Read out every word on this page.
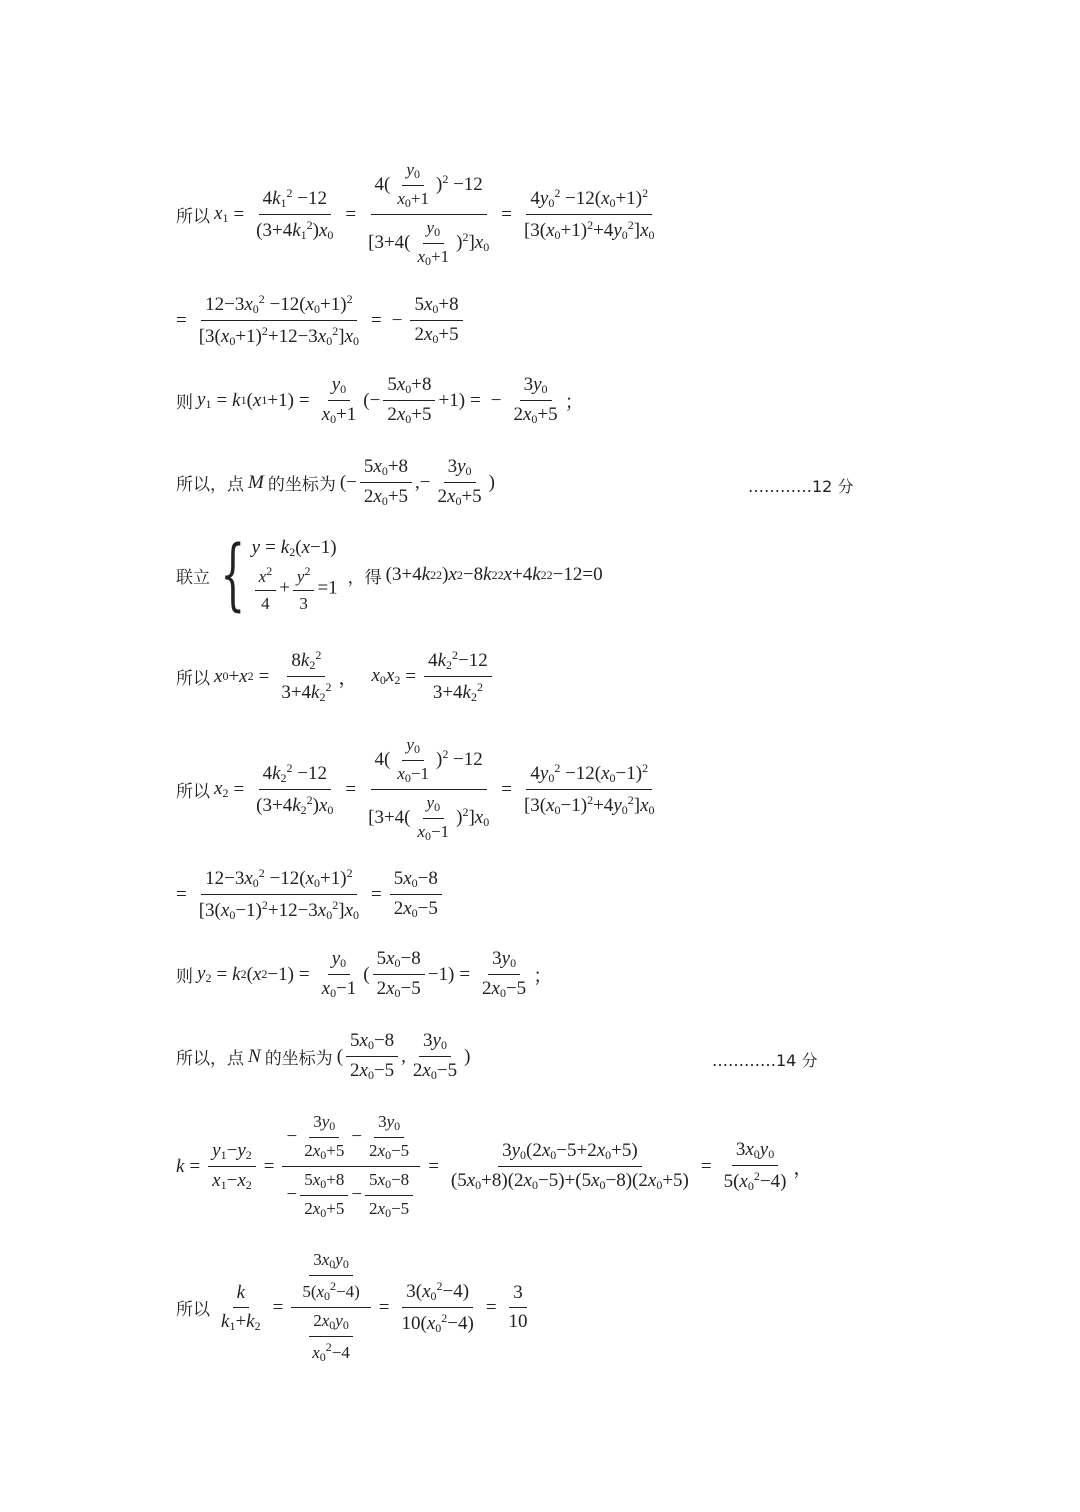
所以 $x_1 = \frac{4k_1^2 -12}{(3+4k_1^2)x_0} = \frac{4( \frac{y_0}{x_0+1} )^2 -12}{[3+4( \frac{y_0}{x_0+1} )^2]x_0} = \frac{4y_0^2 -12(x_0+1)^2}{[3(x_0+1)^2+4y_0^2]x_0}$
= $\frac{12-3x_0^2 -12(x_0+1)^2}{[3(x_0+1)^2+12-3x_0^2]x_0}$ = − $\frac{5x_0+8}{2x_0+5}$
则 $y_1 = k$ 1 ( x $1 +1) = \frac{y_0}{x_0+1}$ (− $\frac{5x_0+8}{2x_0+5} +1$) = − $\frac{3y_0}{2x_0+5}$ ；
所以，点 M 的坐标为 (− $\frac{5x_0+8}{2x_0+5}$ ,− $\frac{3y_0}{2x_0+5}$ )	…………12 分
联立 { $y = k_2(x-1)$
$\frac{x^2}{4} + \frac{y^2}{3} =1$ ，得 (3+4 k 2 2 ) x 2 −8 k 2 2 x +4 k 2 2 −12=0
所以 x 0 + x $2 = \frac{8k_2^2}{3+4k_2^2}$ ， $x_0x_2 = \frac{4k_2^2-12}{3+4k_2^2}$
所以 $x_2 = \frac{4k_2^2 -12}{(3+4k_2^2)x_0} = \frac{4( \frac{y_0}{x_0-1} )^2 -12}{[3+4( \frac{y_0}{x_0-1} )^2]x_0} = \frac{4y_0^2 -12(x_0-1)^2}{[3(x_0-1)^2+4y_0^2]x_0}$
= $\frac{12-3x_0^2 -12(x_0+1)^2}{[3(x_0-1)^2+12-3x_0^2]x_0} = \frac{5x_0-8}{2x_0-5}$
则 $y_2 = k$ 2 ( x $2 -1) = \frac{y_0}{x_0-1}$ ( $\frac{5x_0-8}{2x_0-5} -1) = \frac{3y_0}{2x_0-5}$ ；
所以，点 N 的坐标为 ( $\frac{5x_0-8}{2x_0-5}$ , $\frac{3y_0}{2x_0-5}$ )	…………14 分
$k = \frac{y_1-y_2}{x_1-x_2} = \frac{- \frac{3y_0}{2x_0+5} - \frac{3y_0}{2x_0-5}}{- \frac{5x_0+8}{2x_0+5} - \frac{5x_0-8}{2x_0-5}} = \frac{3y_0(2x_0-5+2x_0+5)}{(5x_0+8)(2x_0-5)+(5x_0-8)(2x_0+5)} = \frac{3x_0y_0}{5(x_0^2-4)}$ ，
所以 $\frac{k}{k_1+k_2} = \frac{\frac{3x_0y_0}{5(x_0^2-4)}}{\frac{2x_0y_0}{x_0^2-4}} = \frac{3(x_0^2-4)}{10(x_0^2-4)} = \frac{3}{10}$
